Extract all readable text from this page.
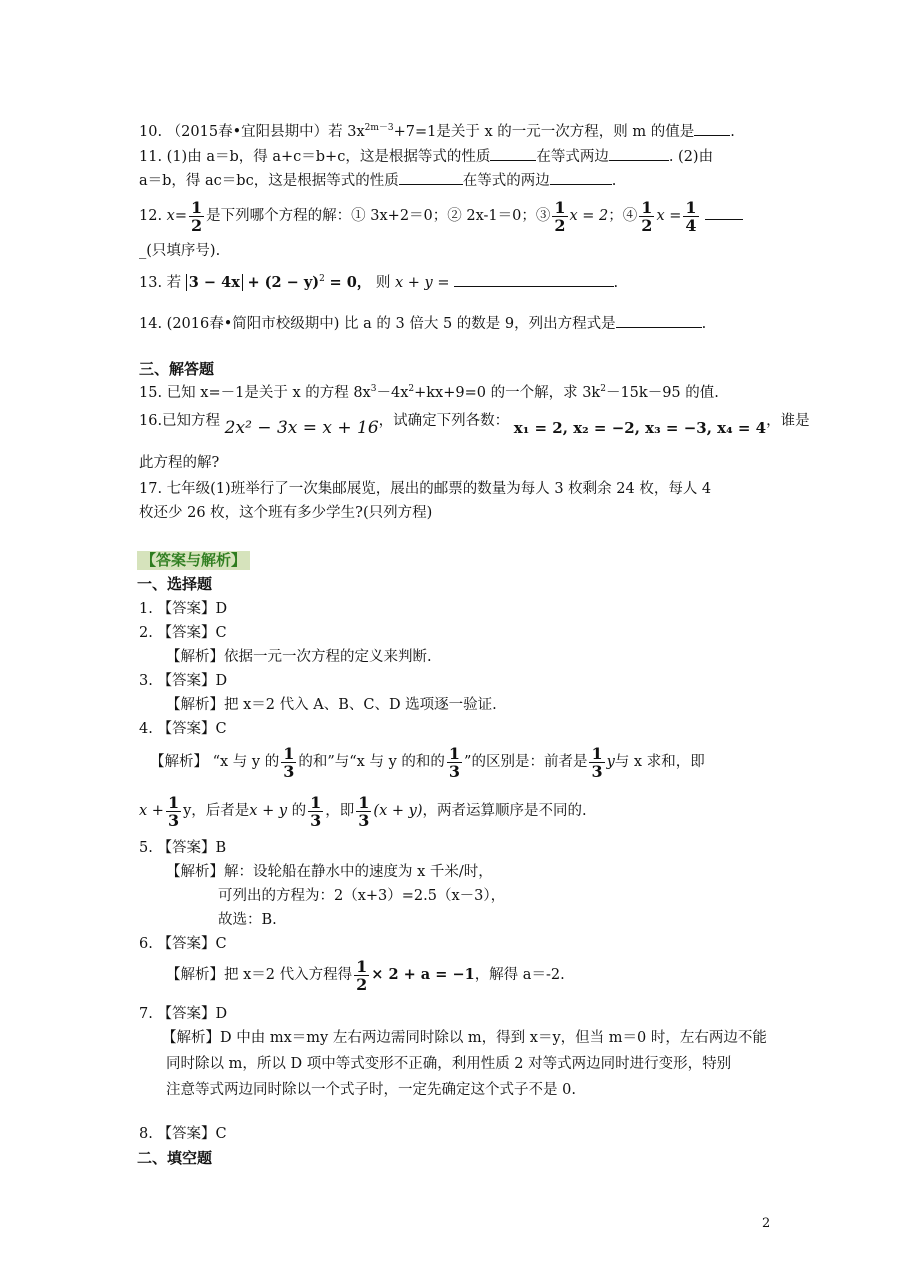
10. （2015春•宜阳县期中）若 $3x^{2m-3}+7=1$是关于 x 的一元一次方程，则 m 的值是 .
11. (1)由 a＝b，得 a+c＝b+c，这是根据等式的性质	在等式两边	. (2)由
a＝b，得 ac＝bc，这是根据等式的性质	在等式的两边	.
12. $x= \frac{1}{2}$ 是下列哪个方程的解：① 3x+2＝0；② 2x-1＝0；③ $\frac{1}{2}$ x = 2；④ $\frac{1}{2}$ $x = \frac{1}{4}$
_(只填序号).
13. 若 $3 - 4x + (2 - y)^2 = 0$， 则 x + y =	.
14. (2016春•简阳市校级期中) 比 a 的 3 倍大 5 的数是 9，列出方程式是	.
三、解答题
15. 已知 x=－1是关于 x 的方程 $8x^3-4x^2+kx+9=0$ 的一个解，求 $3k^2-15k-95$ 的值.
16.已知方程 2x² − 3x = x + 16，试确定下列各数： x₁ = 2, x₂ = −2, x₃ = −3, x₄ = 4，谁是
此方程的解?
17. 七年级(1)班举行了一次集邮展览，展出的邮票的数量为每人 3 枚剩余 24 枚，每人 4
枚还少 26 枚，这个班有多少学生?(只列方程)
【答案与解析】
一、选择题
1. 【答案】D
2. 【答案】C
【解析】依据一元一次方程的定义来判断.
3. 【答案】D
【解析】把 x＝2 代入 A、B、C、D 选项逐一验证.
4. 【答案】C
【解析】 “x 与 y 的 $\frac{1}{3}$ 的和”与“x 与 y 的和的 $\frac{1}{3}$ ”的区别是：前者是 $\frac{1}{3}$ y与 x 求和，即
$x + \frac{1}{3}$ y，后者是x + y 的 $\frac{1}{3}$ ，即 $\frac{1}{3} (x + y)$，两者运算顺序是不同的.
5. 【答案】B
【解析】解：设轮船在静水中的速度为 x 千米/时，
可列出的方程为：2（x+3）=2.5（x－3），
故选：B.
6. 【答案】C
【解析】把 x＝2 代入方程得 $\frac{1}{2} \times 2 + a = -1$，解得 a＝-2.
7. 【答案】D
【解析】D 中由 mx＝my 左右两边需同时除以 m，得到 x＝y，但当 m＝0 时，左右两边不能
同时除以 m，所以 D 项中等式变形不正确，利用性质 2 对等式两边同时进行变形，特别
注意等式两边同时除以一个式子时，一定先确定这个式子不是 0.
8. 【答案】C
二、填空题
2
